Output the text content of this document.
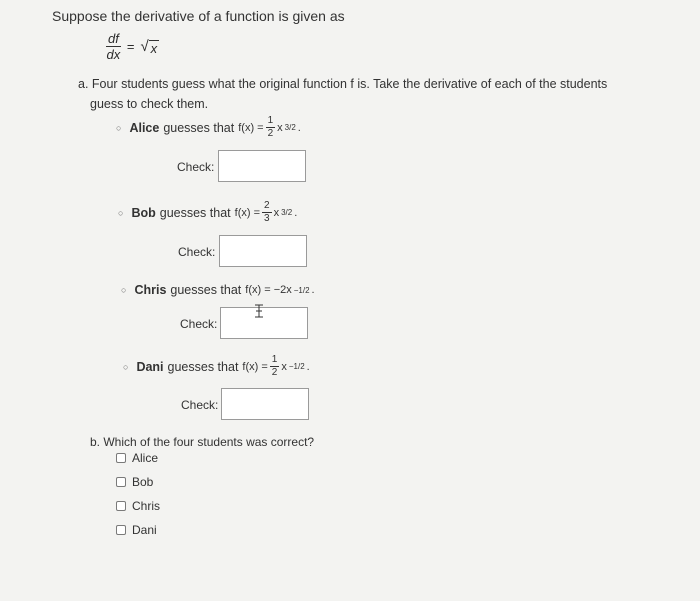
Suppose the derivative of a function is given as
$\frac{df}{dx}$ = √ x
a. Four students guess what the original function f is. Take the derivative of each of the students
guess to check them.
○ Alice guesses that $f(x) = \frac{1}{2}$ x 3/2 .
Check:
○ Bob guesses that $f(x) = \frac{2}{3}$ x 3/2 .
Check:
○ Chris guesses that f(x) = −2x −1/2 .
Check:
○ Dani guesses that $f(x) = \frac{1}{2}$ x −1/2 .
Check:
b. Which of the four students was correct?
Alice
Bob
Chris
Dani
